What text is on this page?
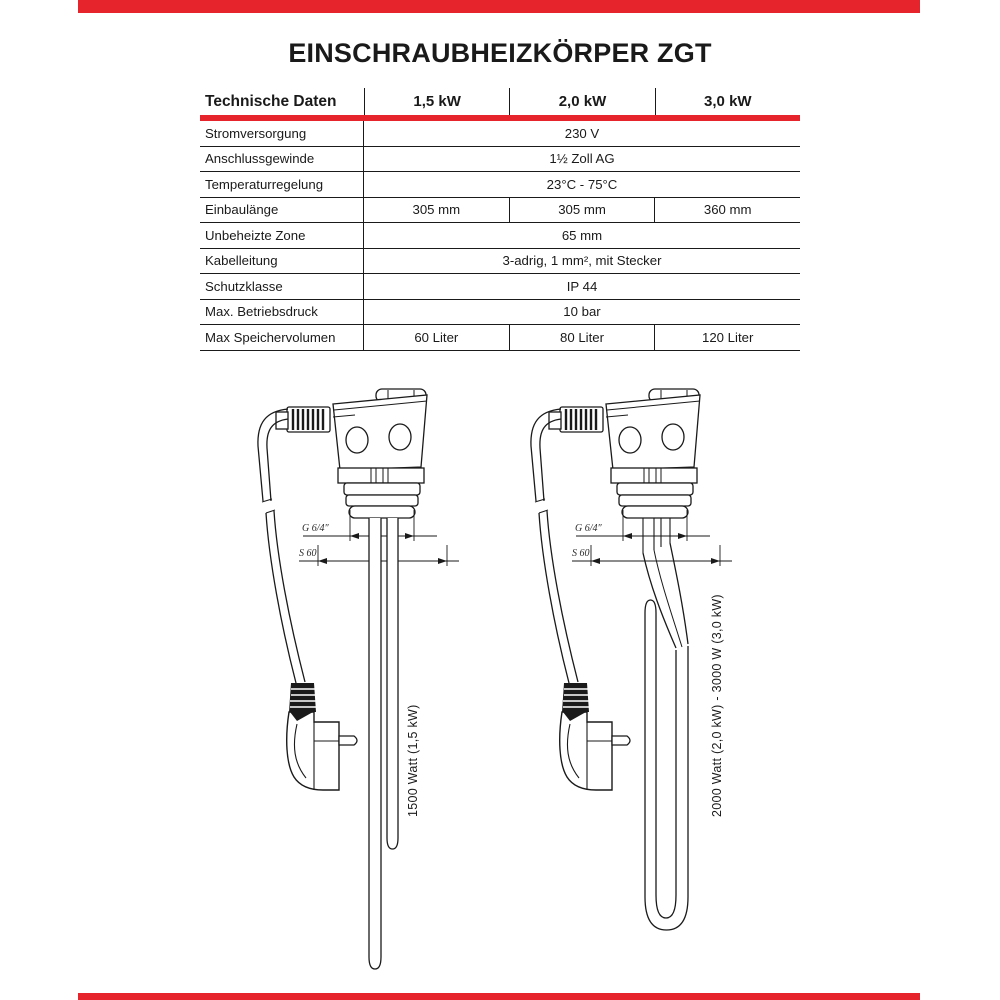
EINSCHRAUBHEIZKÖRPER ZGT
Technische Daten	1,5 kW	2,0 kW	3,0 kW
Stromversorgung	230 V
Anschlussgewinde	1½ Zoll AG
Temperaturregelung	23°C - 75°C
Einbaulänge	305 mm	305 mm	360 mm
Unbeheizte Zone	65 mm
Kabelleitung	3-adrig, 1 mm², mit Stecker
Schutzklasse	IP 44
Max. Betriebsdruck	10 bar
Max Speichervolumen	60 Liter	80 Liter	120 Liter
1500 Watt (1,5 kW)	2000 Watt (2,0 kW) - 3000 W (3,0 kW)
